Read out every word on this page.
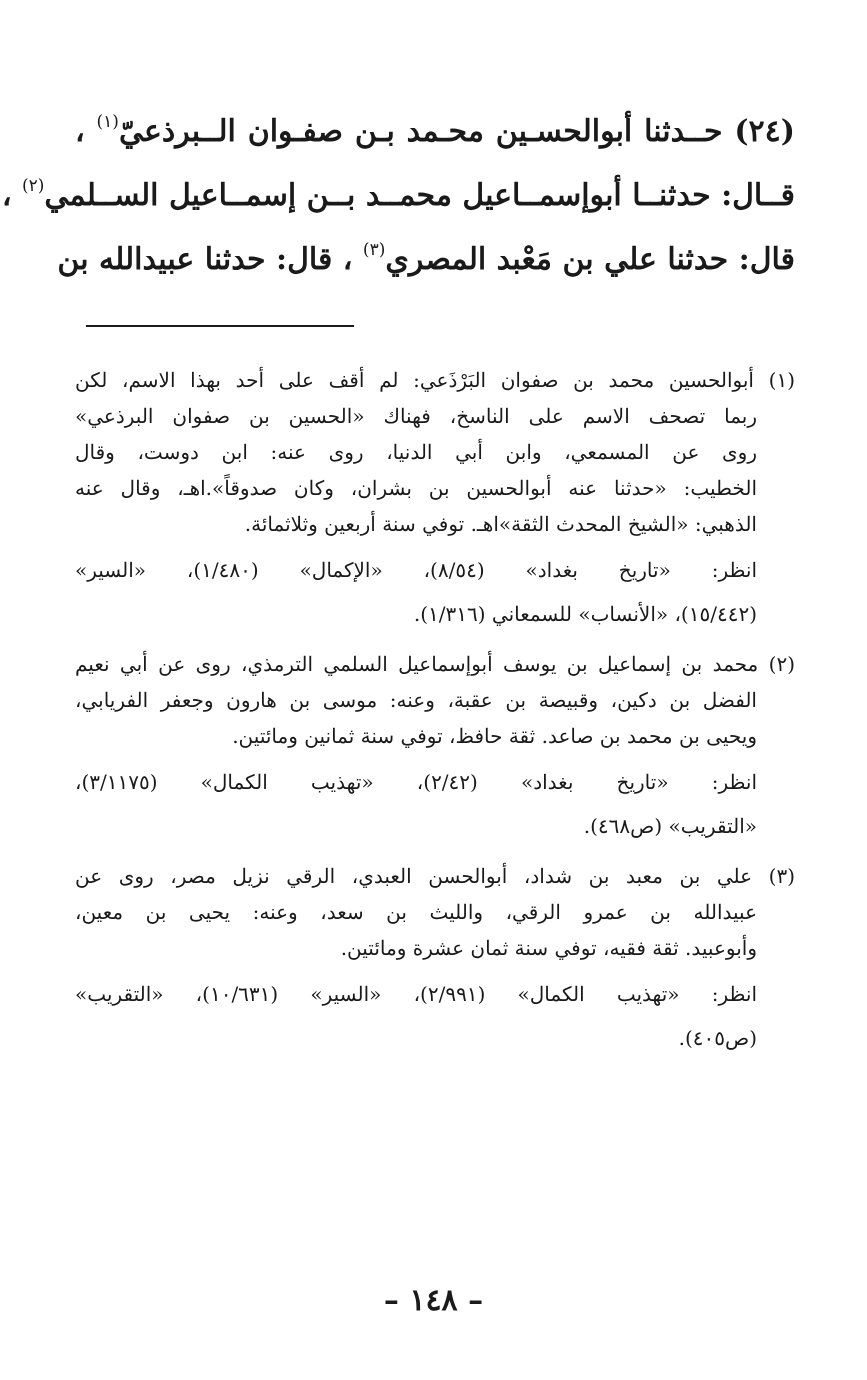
(٢٤) حــدثنا أبوالحسـين محـمد بـن صفـوان الــبرذعيّ$^{(١)}$ ،
قــال: حدثنــا أبوإسمــاعيل محمــد بــن إسمــاعيل الســلمي$^{(٢)}$ ،
قال: حدثنا علي بن مَعْبد المصري$^{(٣)}$ ، قال: حدثنا عبيدالله بن
(١) أبوالحسين محمد بن صفوان البَرْذَعي: لم أقف على أحد بهذا الاسم، لكن
ربما تصحف الاسم على الناسخ، فهناك «الحسين بن صفوان البرذعي»
روى عن المسمعي، وابن أبي الدنيا، روى عنه: ابن دوست، وقال
الخطيب: «حدثنا عنه أبوالحسين بن بشران، وكان صدوقاً».اهـ، وقال عنه
الذهبي: «الشيخ المحدث الثقة»اهـ. توفي سنة أربعين وثلاثمائة.
انظر: «تاريخ بغداد» (٨/٥٤)، «الإكمال» (١/٤٨٠)، «السير»
(١٥/٤٤٢)، «الأنساب» للسمعاني (١/٣١٦).
(٢) محمد بن إسماعيل بن يوسف أبوإسماعيل السلمي الترمذي، روى عن أبي نعيم
الفضل بن دكين، وقبيصة بن عقبة، وعنه: موسى بن هارون وجعفر الفريابي،
ويحيى بن محمد بن صاعد. ثقة حافظ، توفي سنة ثمانين ومائتين.
انظر: «تاريخ بغداد» (٢/٤٢)، «تهذيب الكمال» (٣/١١٧٥)،
«التقريب» (ص٤٦٨).
(٣) علي بن معبد بن شداد، أبوالحسن العبدي، الرقي نزيل مصر، روى عن
عبيدالله بن عمرو الرقي، والليث بن سعد، وعنه: يحيى بن معين،
وأبوعبيد. ثقة فقيه، توفي سنة ثمان عشرة ومائتين.
انظر: «تهذيب الكمال» (٢/٩٩١)، «السير» (١٠/٦٣١)، «التقريب»
(ص٤٠٥).
– ١٤٨ –
